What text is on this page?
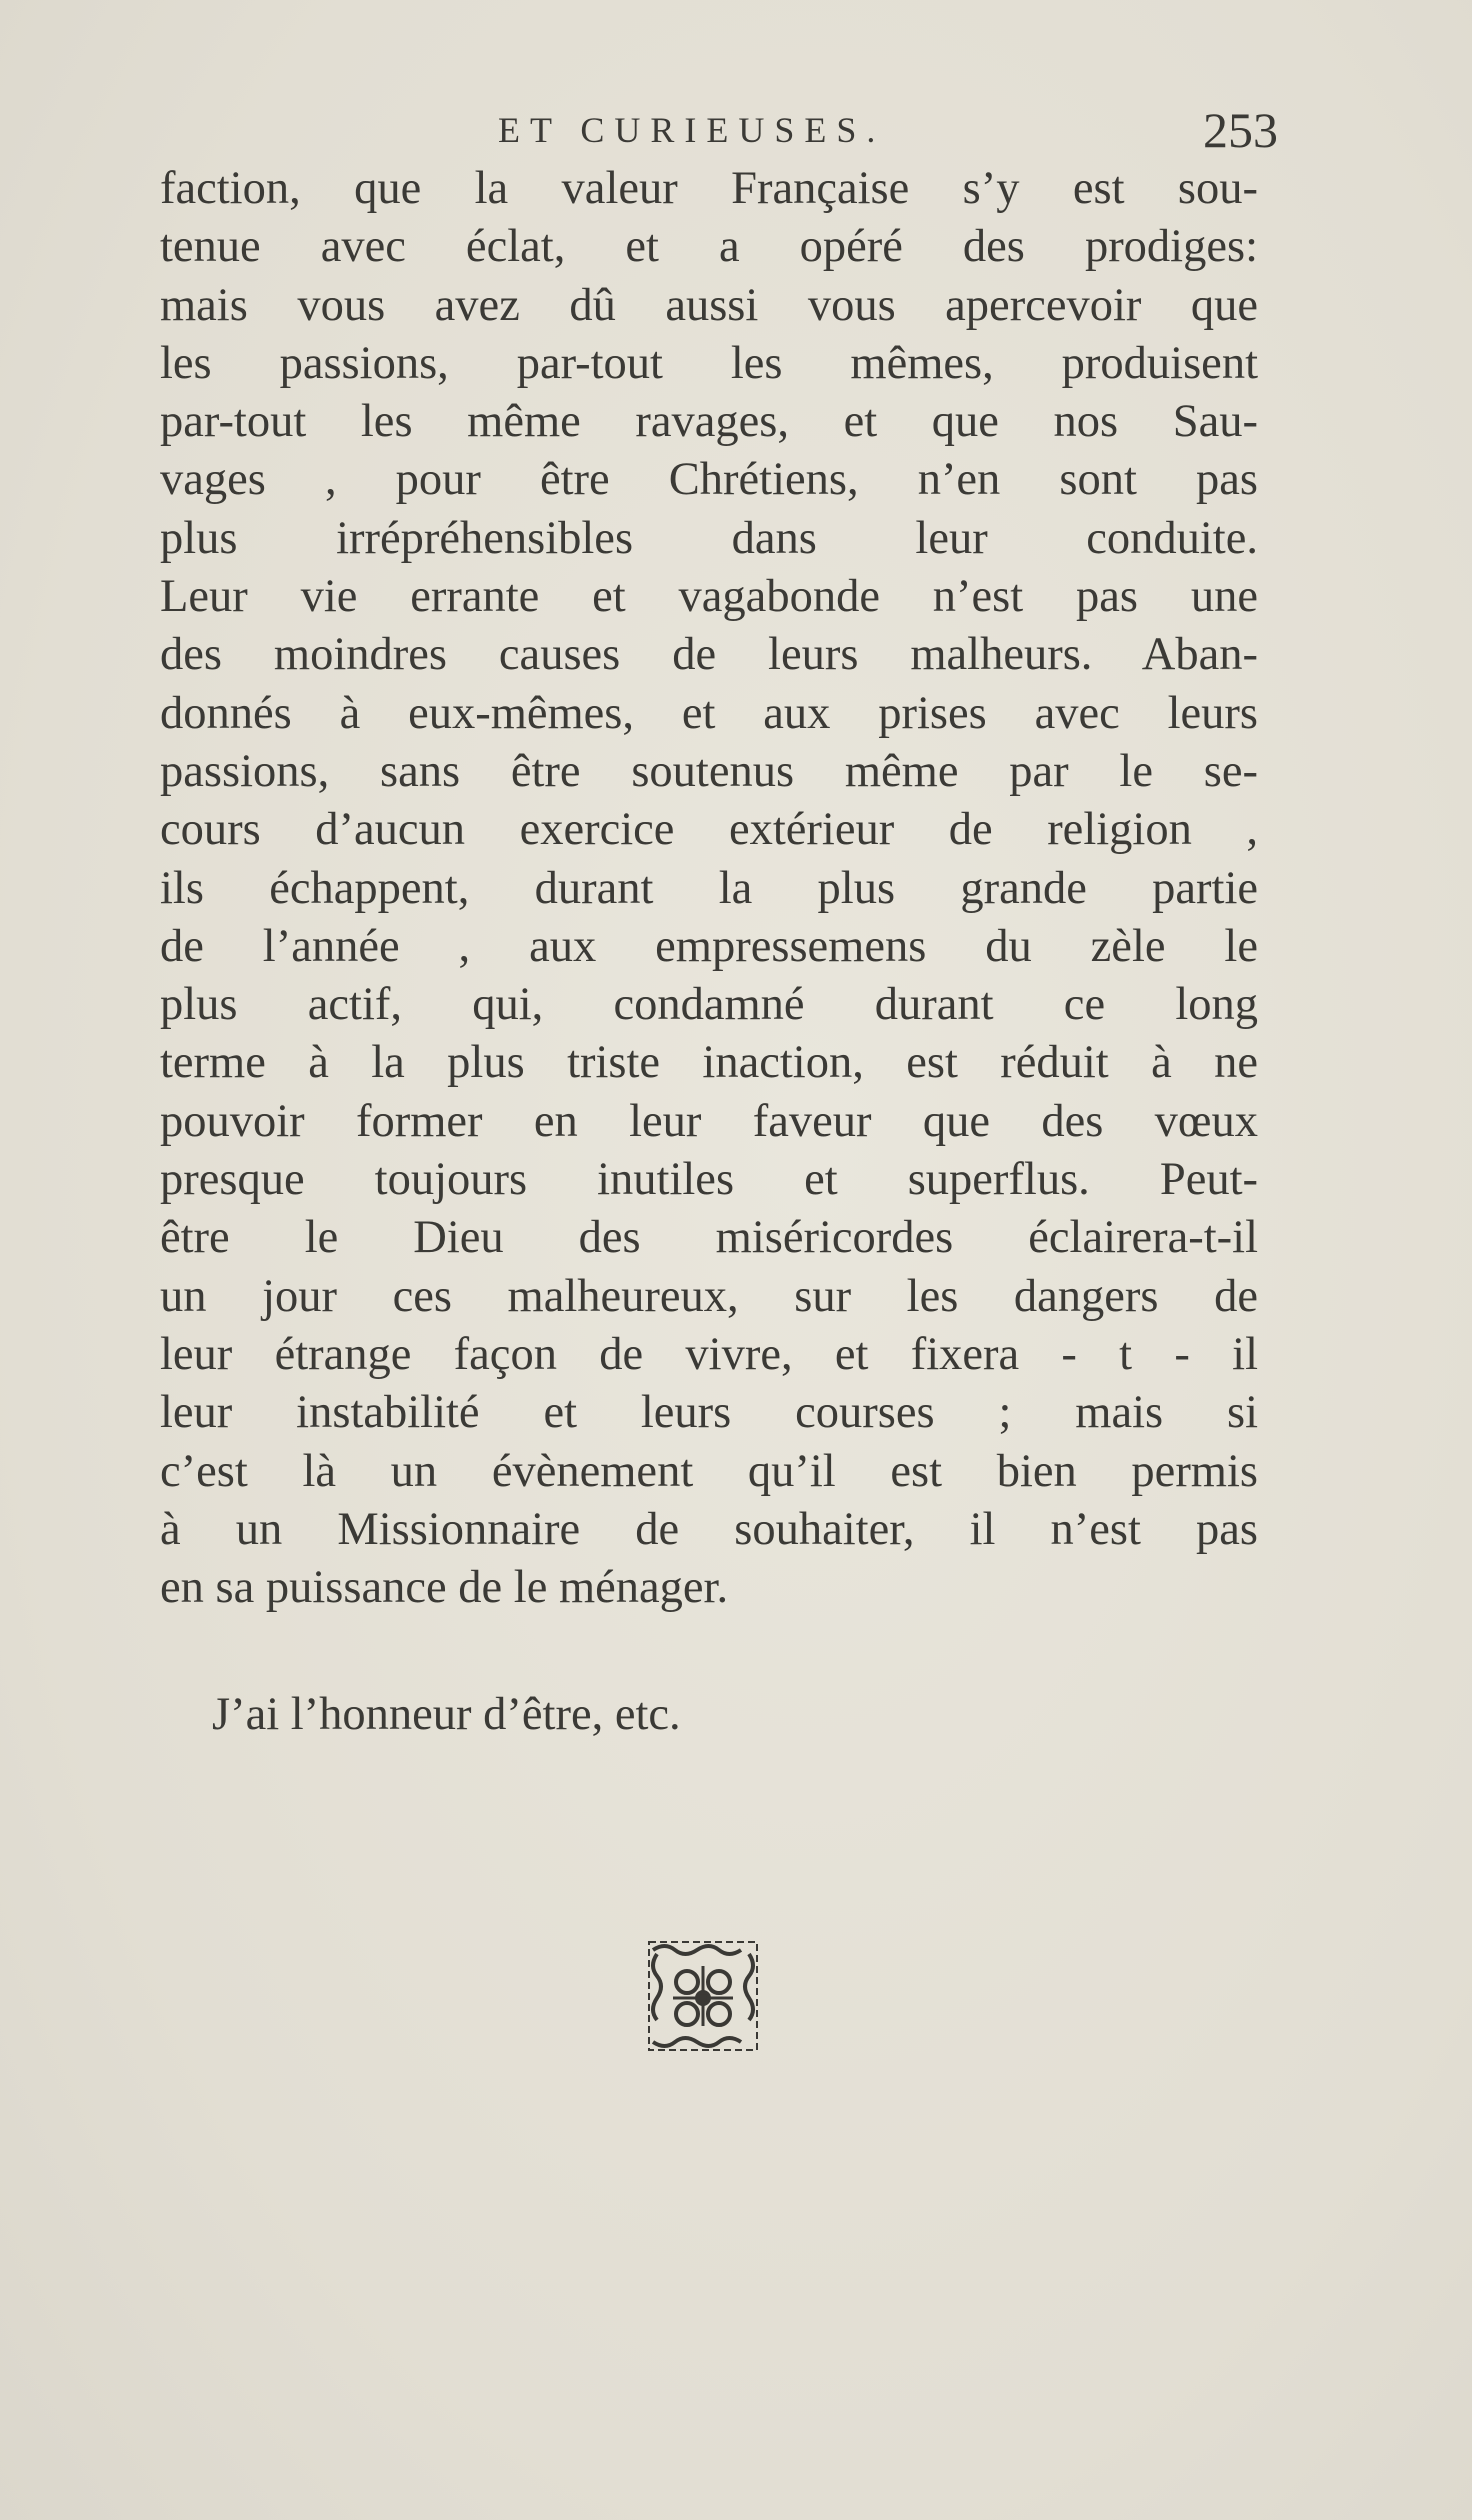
ET CURIEUSES.	253
faction, que la valeur Française s’y est sou-
tenue avec éclat, et a opéré des prodiges:
mais vous avez dû aussi vous apercevoir que
les passions, par-tout les mêmes, produisent
par-tout les même ravages, et que nos Sau-
vages , pour être Chrétiens, n’en sont pas
plus irrépréhensibles dans leur conduite.
Leur vie errante et vagabonde n’est pas une
des moindres causes de leurs malheurs. Aban-
donnés à eux-mêmes, et aux prises avec leurs
passions, sans être soutenus même par le se-
cours d’aucun exercice extérieur de religion ,
ils échappent, durant la plus grande partie
de l’année , aux empressemens du zèle le
plus actif, qui, condamné durant ce long
terme à la plus triste inaction, est réduit à ne
pouvoir former en leur faveur que des vœux
presque toujours inutiles et superflus. Peut-
être le Dieu des miséricordes éclairera-t-il
un jour ces malheureux, sur les dangers de
leur étrange façon de vivre, et fixera - t - il
leur instabilité et leurs courses ; mais si
c’est là un évènement qu’il est bien permis
à un Missionnaire de souhaiter, il n’est pas
en sa puissance de le ménager.
J’ai l’honneur d’être, etc.
